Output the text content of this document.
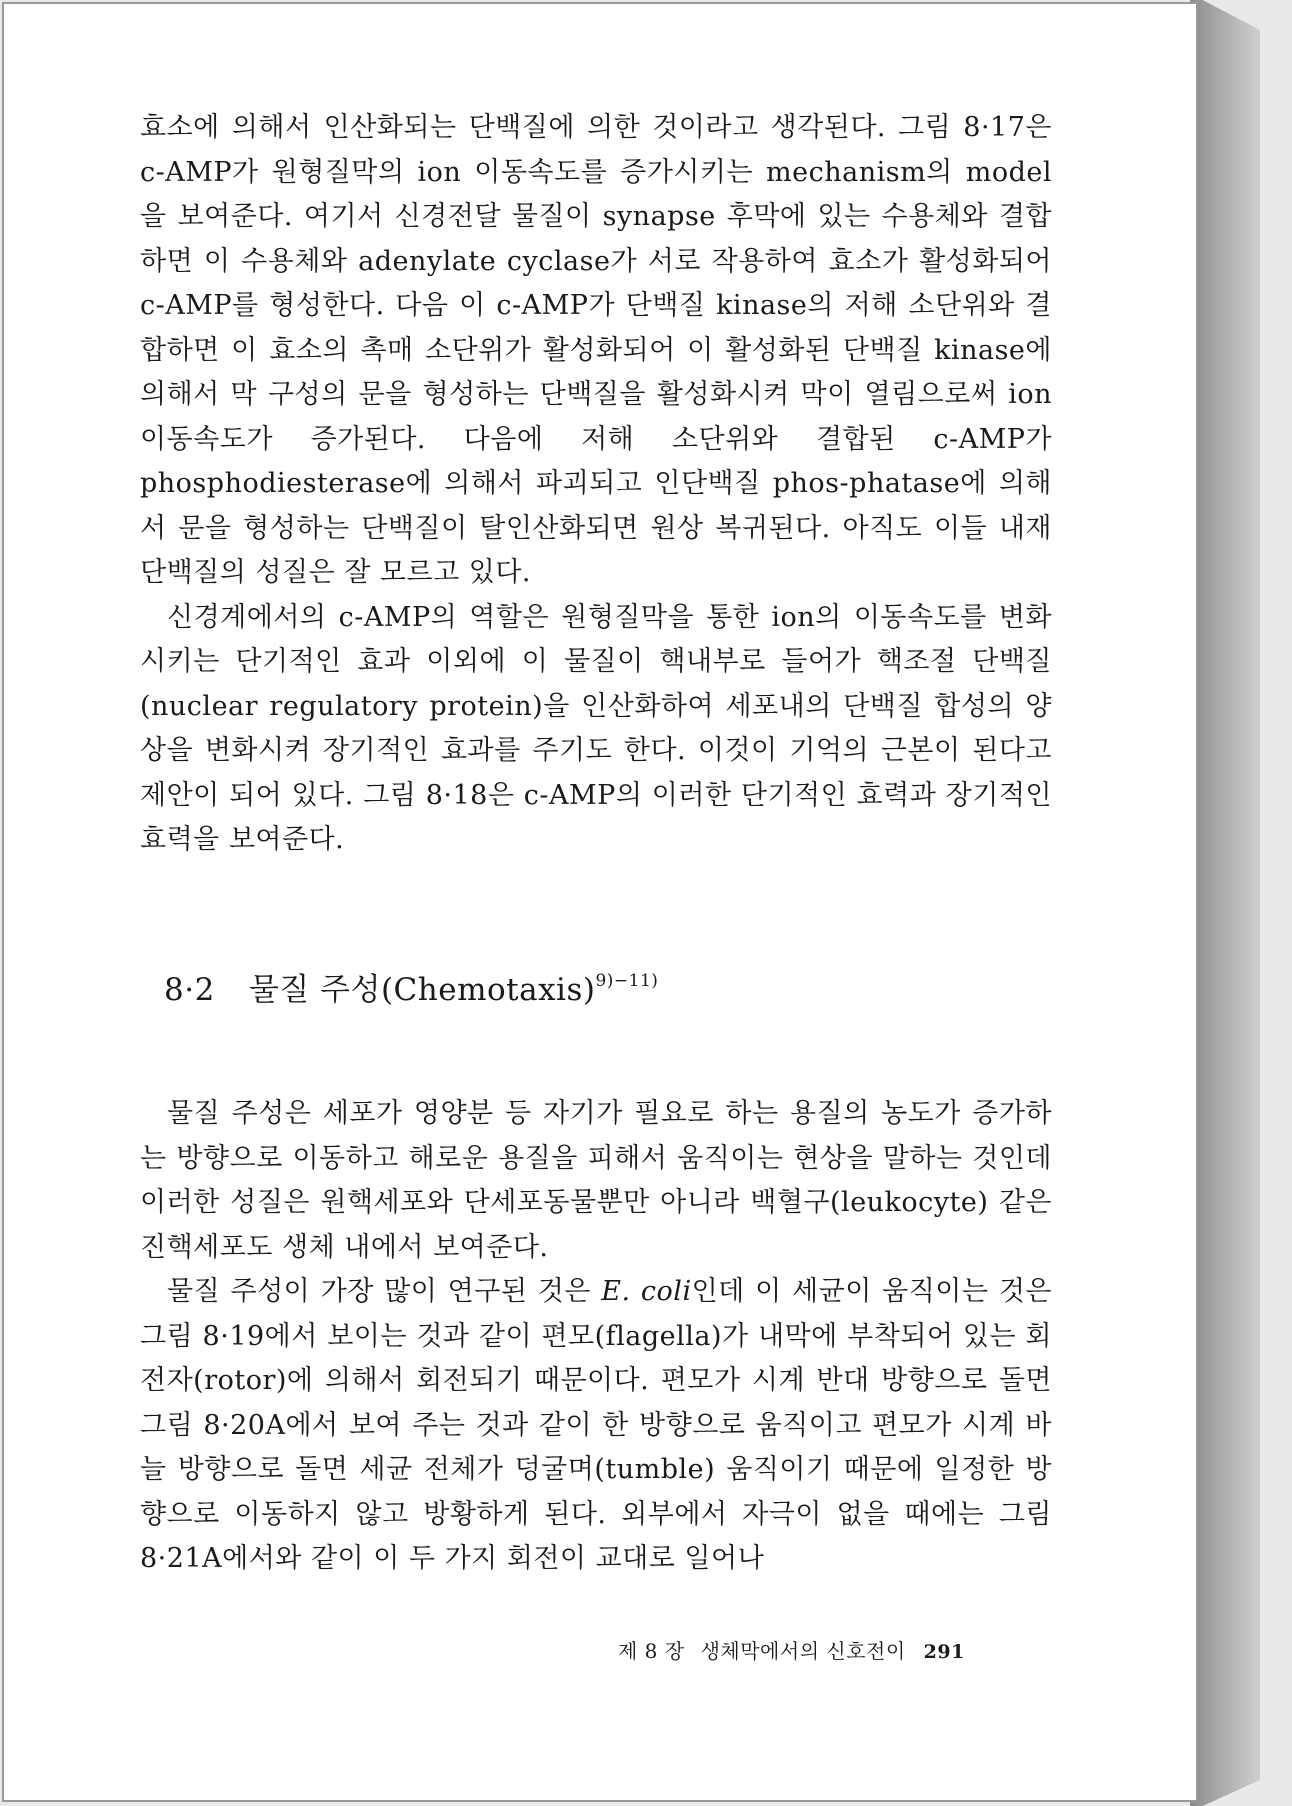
효소에 의해서 인산화되는 단백질에 의한 것이라고 생각된다. 그림 8·17은 c-AMP가 원형질막의 ion 이동속도를 증가시키는 mechanism의 model을 보여준다. 여기서 신경전달 물질이 synapse 후막에 있는 수용체와 결합하면 이 수용체와 adenylate cyclase가 서로 작용하여 효소가 활성화되어 c-AMP를 형성한다. 다음 이 c-AMP가 단백질 kinase의 저해 소단위와 결합하면 이 효소의 촉매 소단위가 활성화되어 이 활성화된 단백질 kinase에 의해서 막 구성의 문을 형성하는 단백질을 활성화시켜 막이 열림으로써 ion 이동속도가 증가된다. 다음에 저해 소단위와 결합된 c-AMP가 phosphodiesterase에 의해서 파괴되고 인단백질 phos-phatase에 의해서 문을 형성하는 단백질이 탈인산화되면 원상 복귀된다. 아직도 이들 내재단백질의 성질은 잘 모르고 있다.

신경계에서의 c-AMP의 역할은 원형질막을 통한 ion의 이동속도를 변화시키는 단기적인 효과 이외에 이 물질이 핵내부로 들어가 핵조절 단백질(nuclear regulatory protein)을 인산화하여 세포내의 단백질 합성의 양상을 변화시켜 장기적인 효과를 주기도 한다. 이것이 기억의 근본이 된다고 제안이 되어 있다. 그림 8·18은 c-AMP의 이러한 단기적인 효력과 장기적인 효력을 보여준다.

8·2 물질 주성(Chemotaxis)$^{9)-11)}$

물질 주성은 세포가 영양분 등 자기가 필요로 하는 용질의 농도가 증가하는 방향으로 이동하고 해로운 용질을 피해서 움직이는 현상을 말하는 것인데 이러한 성질은 원핵세포와 단세포동물뿐만 아니라 백혈구(leukocyte) 같은 진핵세포도 생체 내에서 보여준다.

물질 주성이 가장 많이 연구된 것은 E. coli인데 이 세균이 움직이는 것은 그림 8·19에서 보이는 것과 같이 편모(flagella)가 내막에 부착되어 있는 회전자(rotor)에 의해서 회전되기 때문이다. 편모가 시계 반대 방향으로 돌면 그림 8·20A에서 보여 주는 것과 같이 한 방향으로 움직이고 편모가 시계 바늘 방향으로 돌면 세균 전체가 덩굴며(tumble) 움직이기 때문에 일정한 방향으로 이동하지 않고 방황하게 된다. 외부에서 자극이 없을 때에는 그림 8·21A에서와 같이 이 두 가지 회전이 교대로 일어나

제 8 장 생체막에서의 신호전이 291
